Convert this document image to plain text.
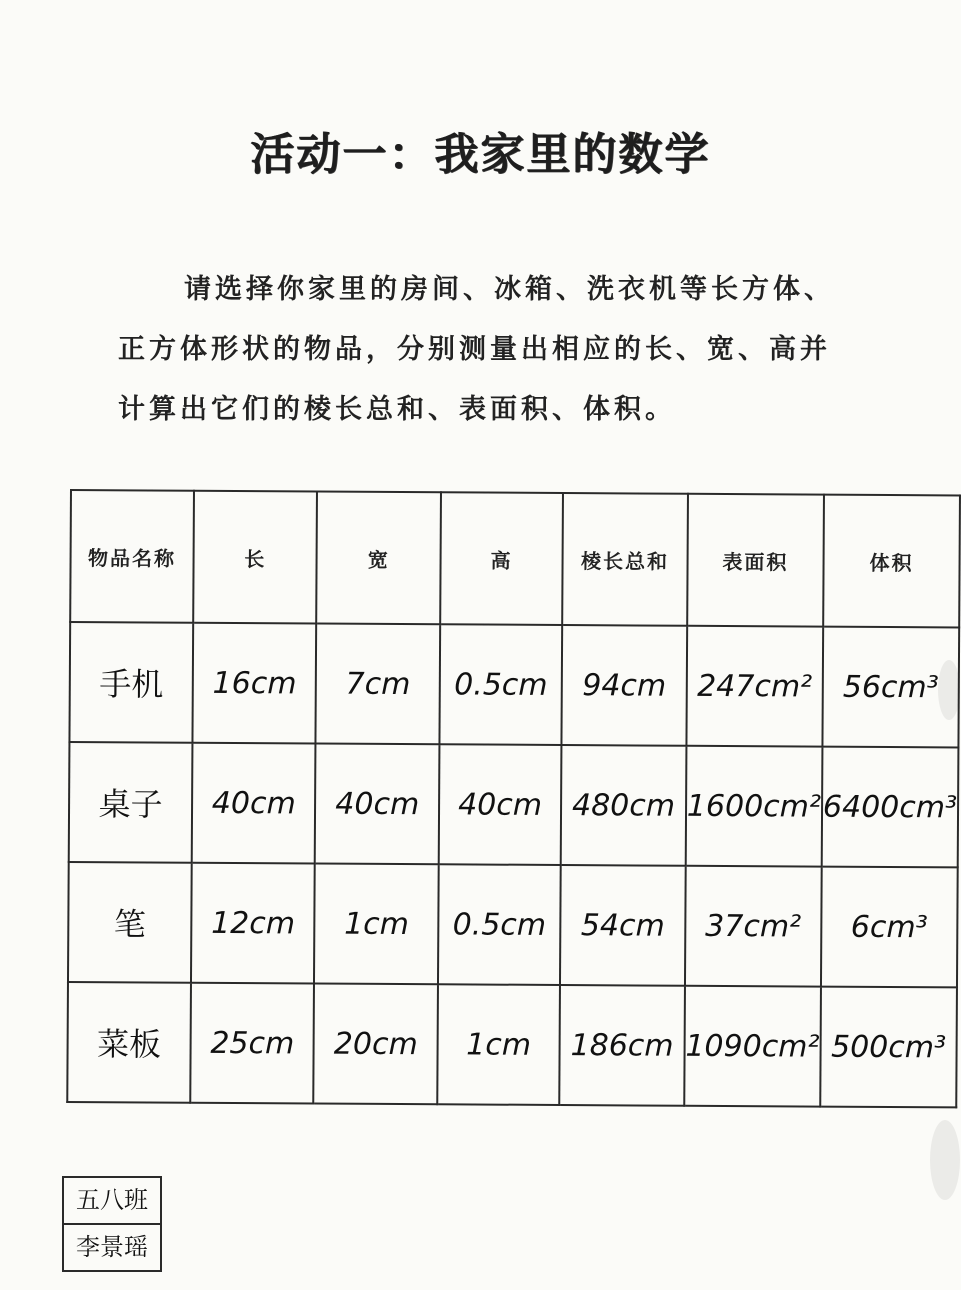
活动一：我家里的数学
请选择你家里的房间、冰箱、洗衣机等长方体、
正方体形状的物品，分别测量出相应的长、宽、高并
计算出它们的棱长总和、表面积、体积。
物品名称	长	宽	高	棱长总和	表面积	体积
手机	16cm	7cm	0.5cm	94cm	247cm²	56cm³
桌子	40cm	40cm	40cm	480cm	1600cm²	6400cm³
笔	12cm	1cm	0.5cm	54cm	37cm²	6cm³
菜板	25cm	20cm	1cm	186cm	1090cm²	500cm³
五八班
李景瑶
